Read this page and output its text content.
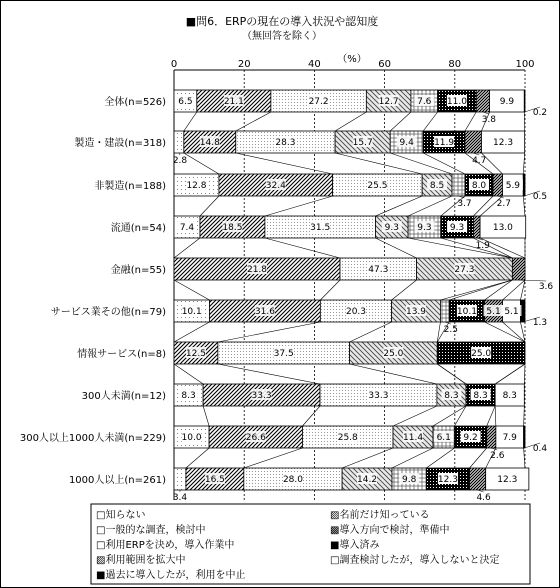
■問6．ERPの現在の導入状況や認知度
（無回答を除く）
（%）
0	20	40	60	80	100
6.5	21.1	27.2	12.7 7.6 11.0
3.8
9.9
0.2
2.8
14.8	28.3	15.7	9.4 11.9
4.7
12.3
12.8	32.4	25.5	8.5
3.7
8.0
2.7
5.9
0.5
7.4	18.5	31.5	9.3 9.3 9.3
1.9
13.0
21.8	47.3	27.3
3.6
10.1	31.6	20.3	13.9
2.5
10.1 5.1 5.1
1.3
12.5	37.5	25.0	25.0
8.3	33.3	33.3	8.3 8.3 8.3
10.0	26.6	25.8	11.4 6.1 9.2
2.6
7.9
0.4
3.4
16.5	28.0	14.2	9.8 12.3
4.6
12.3
全体(n=526)
製造・建設(n=318)
非製造(n=188)
流通(n=54)
金融(n=55)
サービス業その他(n=79)
情報サービス(n=8)
300人未満(n=12)
300人以上1000人未満(n=229)
1000人以上(n=261)
□知らない	▨名前だけ知っている
□一般的な調査，検討中	▩導入方向で検討，準備中
□利用ERPを決め，導入作業中	■導入済み
▨利用範囲を拡大中	□調査検討したが，導入しないと決定
■過去に導入したが，利用を中止
